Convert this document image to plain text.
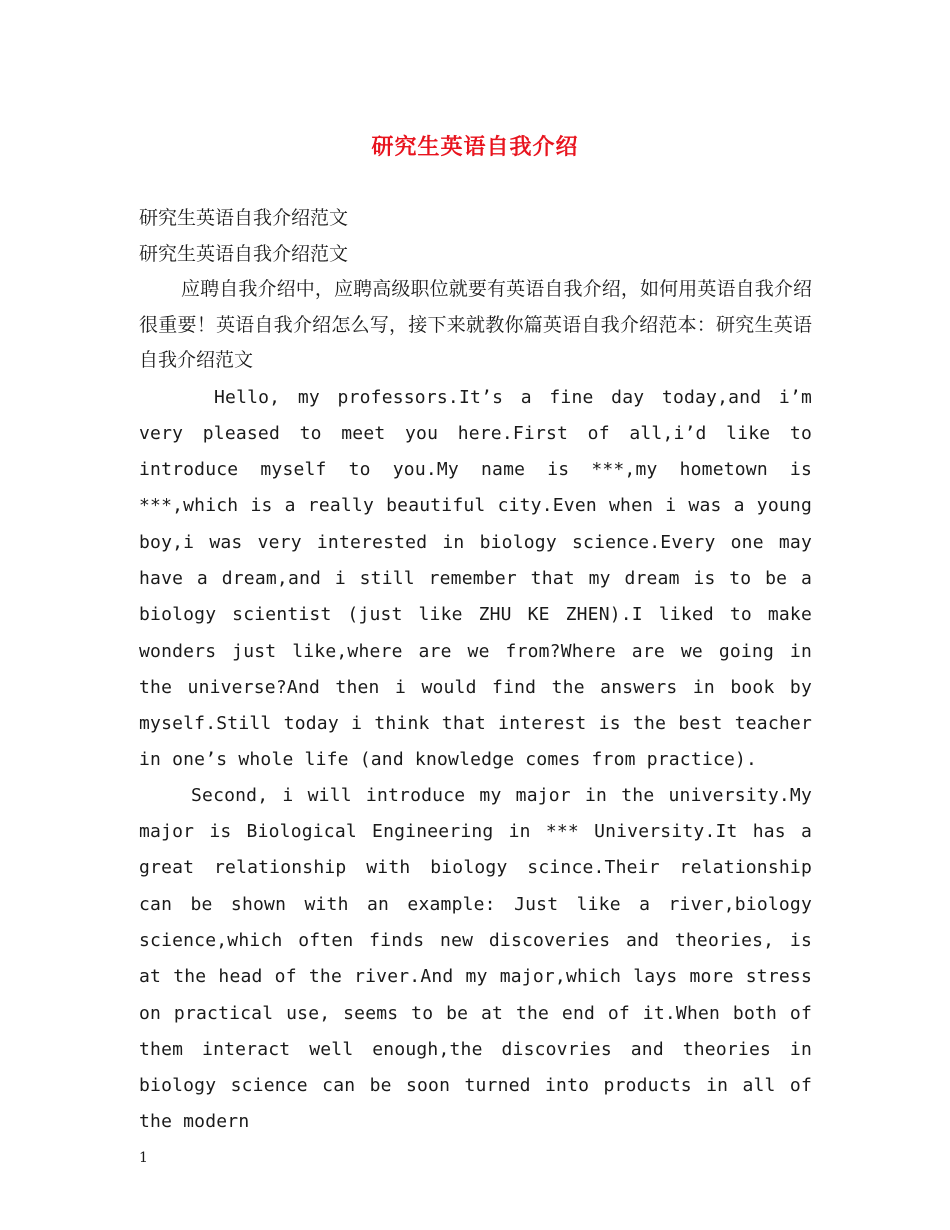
研究生英语自我介绍
研究生英语自我介绍范文
研究生英语自我介绍范文
应聘自我介绍中，应聘高级职位就要有英语自我介绍，如何用英语自我介绍很重要！英语自我介绍怎么写，接下来就教你篇英语自我介绍范本：研究生英语自我介绍范文
Hello, my professors.It’s a fine day today,and i’m very pleased to meet you here.First of all,i’d like to introduce myself to you.My name is ***,my hometown is ***,which is a really beautiful city.Even when i was a young boy,i was very interested in biology science.Every one may have a dream,and i still remember that my dream is to be a biology scientist (just like ZHU KE ZHEN).I liked to make wonders just like,where are we from?Where are we going in the universe?And then i would find the answers in book by myself.Still today i think that interest is the best teacher in one’s whole life (and knowledge comes from practice).
Second, i will introduce my major in the university.My major is Biological Engineering in *** University.It has a great relationship with biology scince.Their relationship can be shown with an example: Just like a river,biology science,which often finds new discoveries and theories, is at the head of the river.And my major,which lays more stress on practical use, seems to be at the end of it.When both of them interact well enough,the discovries and theories in biology science can be soon turned into products in all of the modern
1
